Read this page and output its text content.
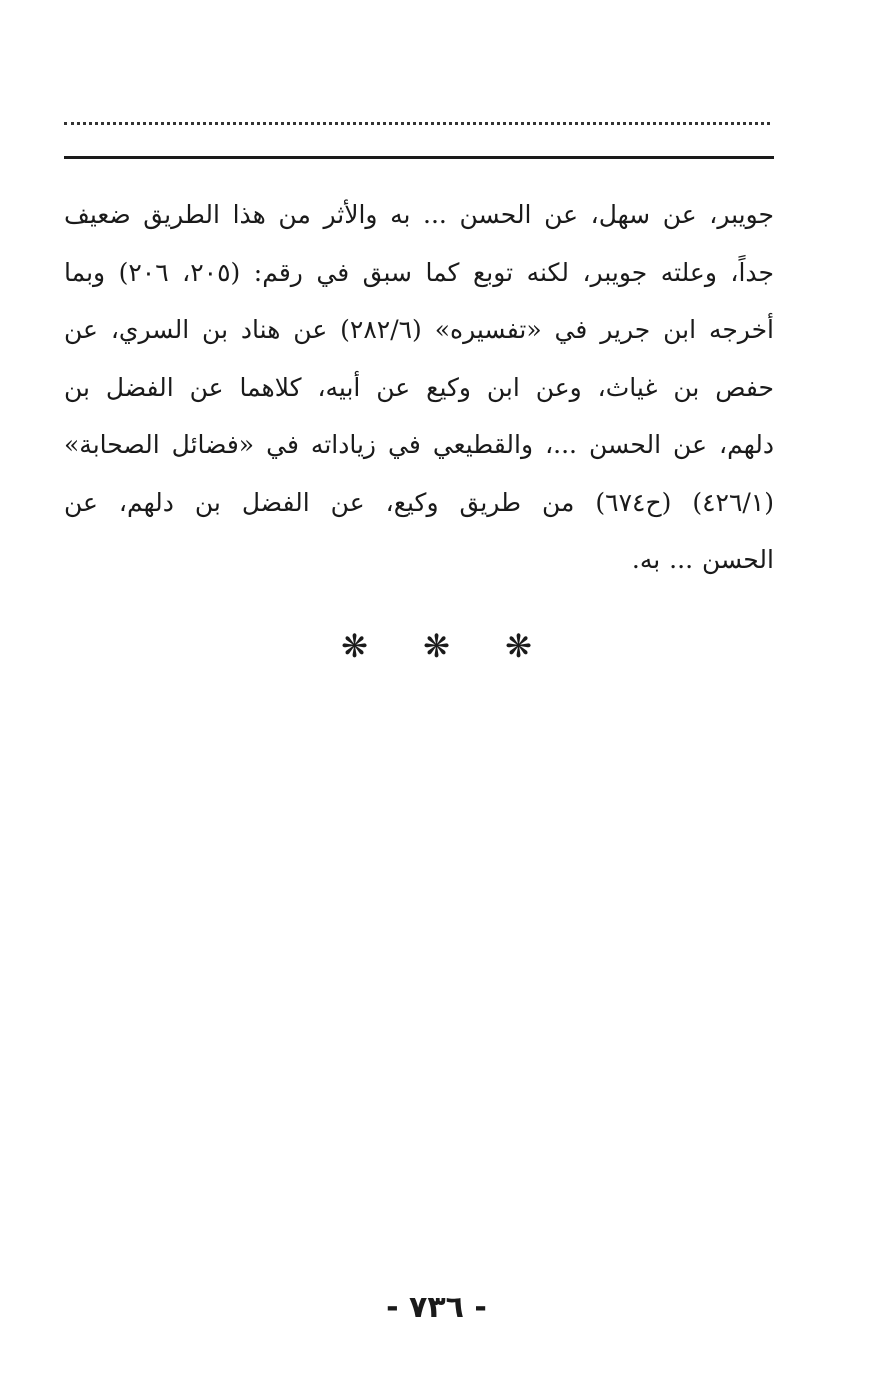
جويبر، عن سهل، عن الحسن ... به والأثر من هذا الطريق ضعيف
جداً، وعلته جويبر، لكنه توبع كما سبق في رقم: (٢٠٥، ٢٠٦) وبما
أخرجه ابن جرير في «تفسيره» (٢٨٢/٦) عن هناد بن السري، عن
حفص بن غياث، وعن ابن وكيع عن أبيه، كلاهما عن الفضل بن
دلهم، عن الحسن ...، والقطيعي في زياداته في «فضائل الصحابة»
(٤٢٦/١) (ح٦٧٤) من طريق وكيع، عن الفضل بن دلهم، عن
الحسن ... به.
❋ ❋ ❋
- ٧٣٦ -
